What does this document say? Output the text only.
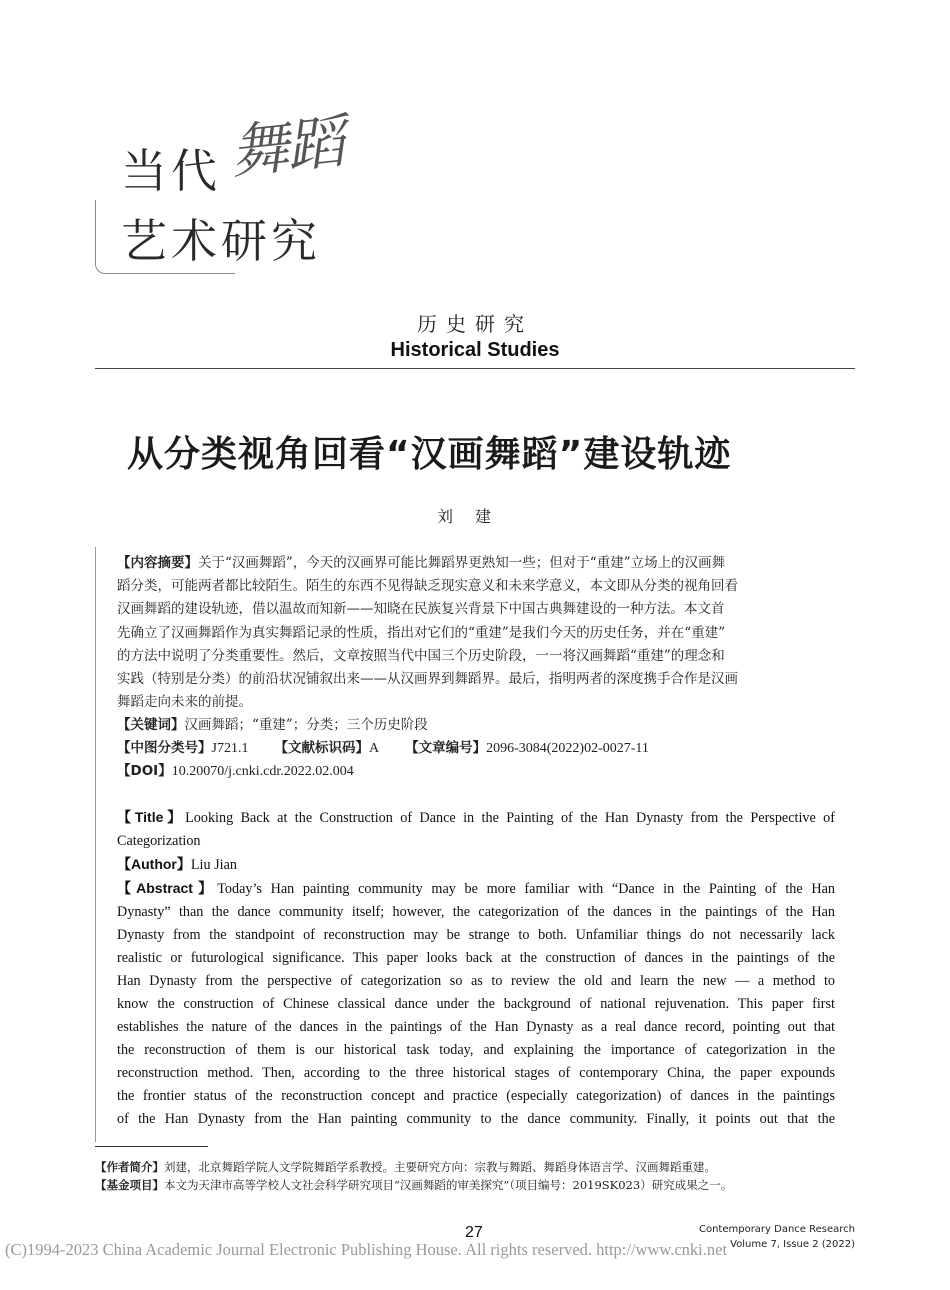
当代 舞蹈
艺术研究
历史研究
Historical Studies
从分类视角回看“汉画舞蹈”建设轨迹
刘建
【内容摘要】关于“汉画舞蹈”，今天的汉画界可能比舞蹈界更熟知一些；但对于“重建”立场上的汉画舞
蹈分类，可能两者都比较陌生。陌生的东西不见得缺乏现实意义和未来学意义，本文即从分类的视角回看
汉画舞蹈的建设轨迹，借以温故而知新——知晓在民族复兴背景下中国古典舞建设的一种方法。本文首
先确立了汉画舞蹈作为真实舞蹈记录的性质，指出对它们的“重建”是我们今天的历史任务，并在“重建”
的方法中说明了分类重要性。然后，文章按照当代中国三个历史阶段，一一将汉画舞蹈“重建”的理念和
实践（特别是分类）的前沿状况铺叙出来——从汉画界到舞蹈界。最后，指明两者的深度携手合作是汉画
舞蹈走向未来的前提。
【关键词】汉画舞蹈；“重建”；分类；三个历史阶段
【中图分类号】J721.1 【文献标识码】A 【文章编号】2096-3084(2022)02-0027-11
【DOI】10.20070/j.cnki.cdr.2022.02.004
【Title】Looking Back at the Construction of Dance in the Painting of the Han Dynasty from the Perspective of
Categorization
【Author】Liu Jian
【Abstract】Today’s Han painting community may be more familiar with “Dance in the Painting of the Han
Dynasty” than the dance community itself; however, the categorization of the dances in the paintings of the Han
Dynasty from the standpoint of reconstruction may be strange to both. Unfamiliar things do not necessarily lack
realistic or futurological significance. This paper looks back at the construction of dances in the paintings of the
Han Dynasty from the perspective of categorization so as to review the old and learn the new — a method to
know the construction of Chinese classical dance under the background of national rejuvenation. This paper first
establishes the nature of the dances in the paintings of the Han Dynasty as a real dance record, pointing out that
the reconstruction of them is our historical task today, and explaining the importance of categorization in the
reconstruction method. Then, according to the three historical stages of contemporary China, the paper expounds
the frontier status of the reconstruction concept and practice (especially categorization) of dances in the paintings
of the Han Dynasty from the Han painting community to the dance community. Finally, it points out that the
【作者简介】刘建，北京舞蹈学院人文学院舞蹈学系教授。主要研究方向：宗教与舞蹈、舞蹈身体语言学、汉画舞蹈重建。
【基金项目】本文为天津市高等学校人文社会科学研究项目“汉画舞蹈的审美探究”（项目编号：2019SK023）研究成果之一。
27	Contemporary Dance Research
Volume 7, Issue 2 (2022)
(C)1994-2023 China Academic Journal Electronic Publishing House. All rights reserved. http://www.cnki.net
